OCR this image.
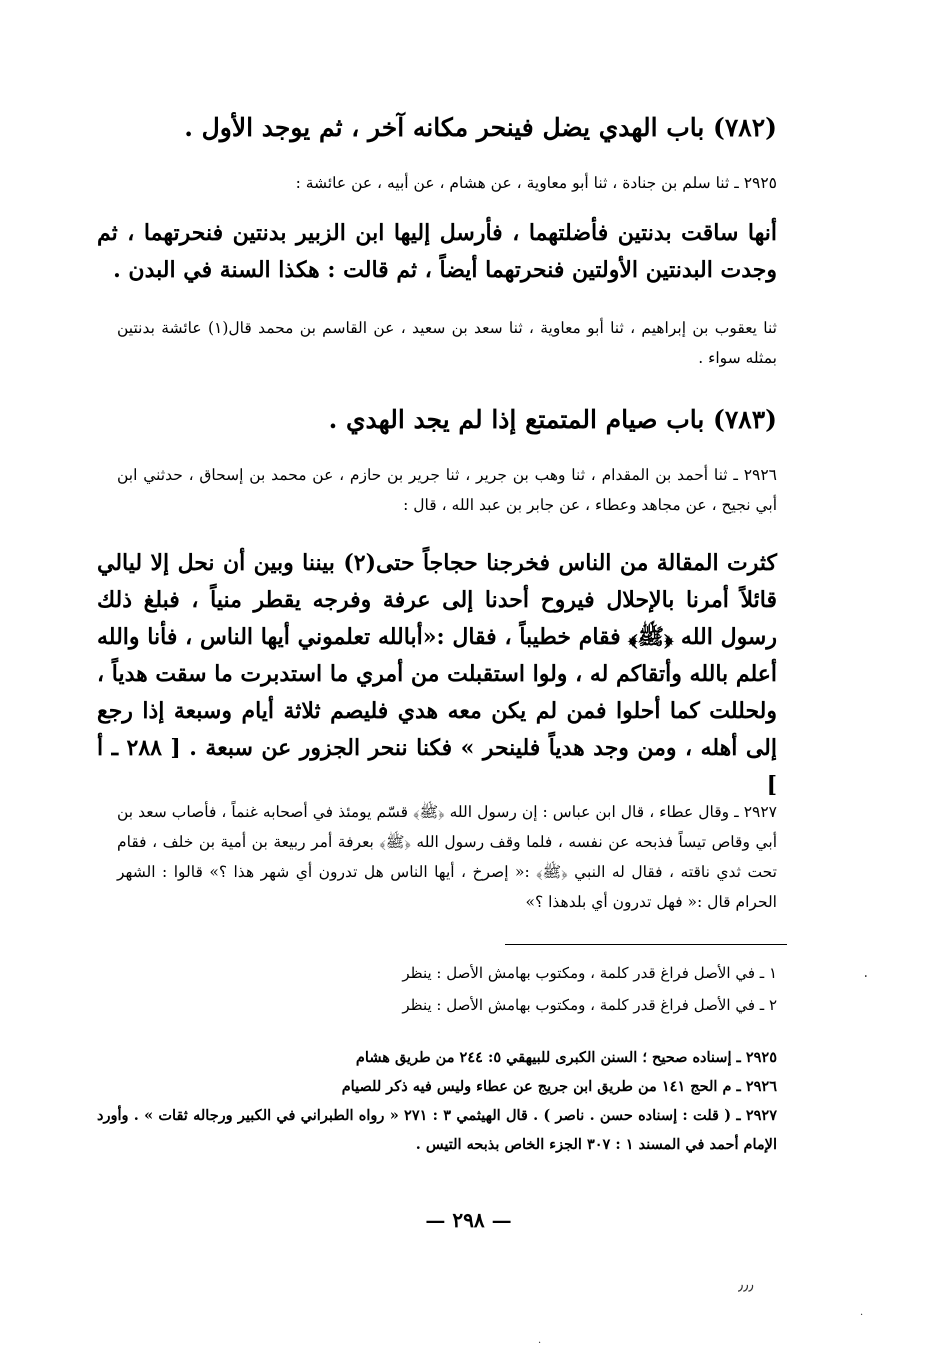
(٧٨٢) باب الهدي يضل فينحر مكانه آخر ، ثم يوجد الأول .
٢٩٢٥ ـ ثنا سلم بن جنادة ، ثنا أبو معاوية ، عن هشام ، عن أبيه ، عن عائشة :
أنها ساقت بدنتين فأضلتهما ، فأرسل إليها ابن الزبير بدنتين فنحرتهما ، ثم وجدت البدنتين الأولتين فنحرتهما أيضاً ، ثم قالت : هكذا السنة في البدن .
ثنا يعقوب بن إبراهيم ، ثنا أبو معاوية ، ثنا سعد بن سعيد ، عن القاسم بن محمد قال(١) عائشة بدنتين بمثله سواء .
(٧٨٣) باب صيام المتمتع إذا لم يجد الهدي .
٢٩٢٦ ـ ثنا أحمد بن المقدام ، ثنا وهب بن جرير ، ثنا جرير بن حازم ، عن محمد بن إسحاق ، حدثني ابن أبي نجيح ، عن مجاهد وعطاء ، عن جابر بن عبد الله ، قال :
كثرت المقالة من الناس فخرجنا حجاجاً حتى(٢) بيننا وبين أن نحل إلا ليالي قائلاً أمرنا بالإحلال فيروح أحدنا إلى عرفة وفرجه يقطر منياً ، فبلغ ذلك رسول الله ﴿ﷺ﴾ فقام خطيباً ، فقال :«أبالله تعلموني أيها الناس ، فأنا والله أعلم بالله وأتقاكم له ، ولوا استقبلت من أمري ما استدبرت ما سقت هدياً ، ولحللت كما أحلوا فمن لم يكن معه هدي فليصم ثلاثة أيام وسبعة إذا رجع إلى أهله ، ومن وجد هدياً فلينحر » فكنا ننحر الجزور عن سبعة . [ ٢٨٨ ـ أ ]
٢٩٢٧ ـ وقال عطاء ، قال ابن عباس : إن رسول الله ﴿ﷺ﴾ قسّم يومئذ في أصحابه غنماً ، فأصاب سعد بن أبي وقاص تيساً فذبحه عن نفسه ، فلما وقف رسول الله ﴿ﷺ﴾ بعرفة أمر ربيعة بن أمية بن خلف ، فقام تحت ثدي ناقته ، فقال له النبي ﴿ﷺ﴾ :« إصرخ ، أيها الناس هل تدرون أي شهر هذا ؟» قالوا : الشهر الحرام قال :« فهل تدرون أي بلدهذا ؟»
١ ـ في الأصل فراغ قدر كلمة ، ومكتوب بهامش الأصل : ينظر
٢ ـ في الأصل فراغ قدر كلمة ، ومكتوب بهامش الأصل : ينظر
٢٩٢٥ ـ إسناده صحيح ؛ السنن الكبرى للبيهقي ٥: ٢٤٤ من طريق هشام
٢٩٢٦ ـ م الحج ١٤١ من طريق ابن جريج عن عطاء وليس فيه ذكر للصيام
٢٩٢٧ ـ ( قلت : إسناده حسن . ناصر ) . قال الهيثمي ٣ : ٢٧١ « رواه الطبراني في الكبير ورجاله ثقات » . وأورد الإمام أحمد في المسند ١ : ٣٠٧ الجزء الخاص بذبحه التيس .
— ٢٩٨ —
٠
٫٫٫
·
·
